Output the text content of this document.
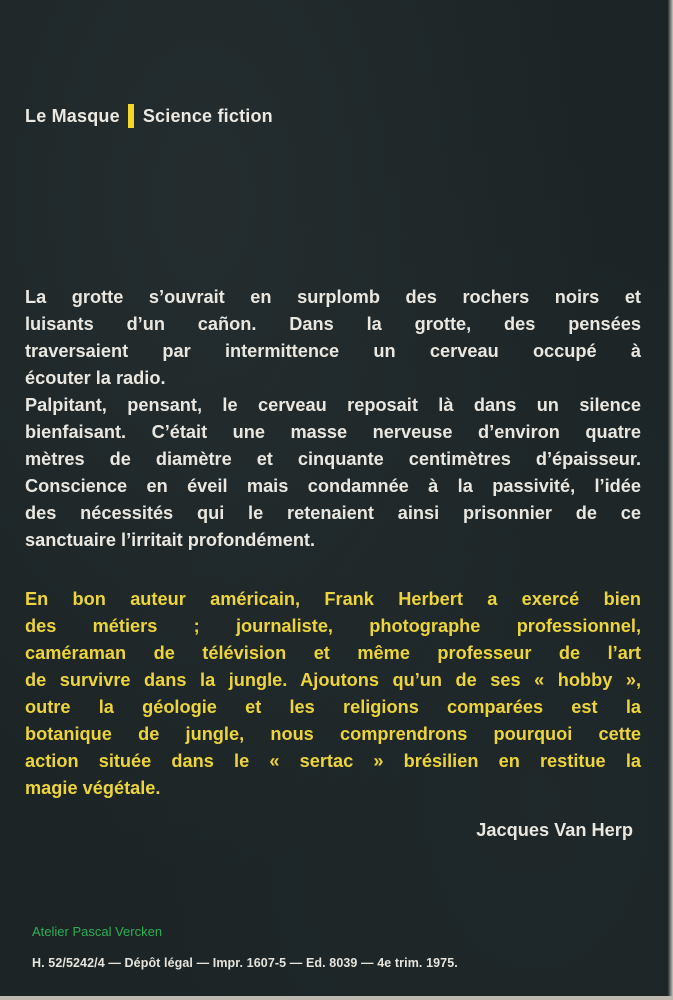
Le Masque Science fiction
La grotte s’ouvrait en surplomb des rochers noirs et
luisants d’un cañon. Dans la grotte, des pensées
traversaient par intermittence un cerveau occupé à
écouter la radio.
Palpitant, pensant, le cerveau reposait là dans un silence
bienfaisant. C’était une masse nerveuse d’environ quatre
mètres de diamètre et cinquante centimètres d’épaisseur.
Conscience en éveil mais condamnée à la passivité, l’idée
des nécessités qui le retenaient ainsi prisonnier de ce
sanctuaire l’irritait profondément.
En bon auteur américain, Frank Herbert a exercé bien
des métiers ; journaliste, photographe professionnel,
caméraman de télévision et même professeur de l’art
de survivre dans la jungle. Ajoutons qu’un de ses « hobby »,
outre la géologie et les religions comparées est la
botanique de jungle, nous comprendrons pourquoi cette
action située dans le « sertac » brésilien en restitue la
magie végétale.
Jacques Van Herp
Atelier Pascal Vercken
H. 52/5242/4 — Dépôt légal — Impr. 1607-5 — Ed. 8039 — 4e trim. 1975.
